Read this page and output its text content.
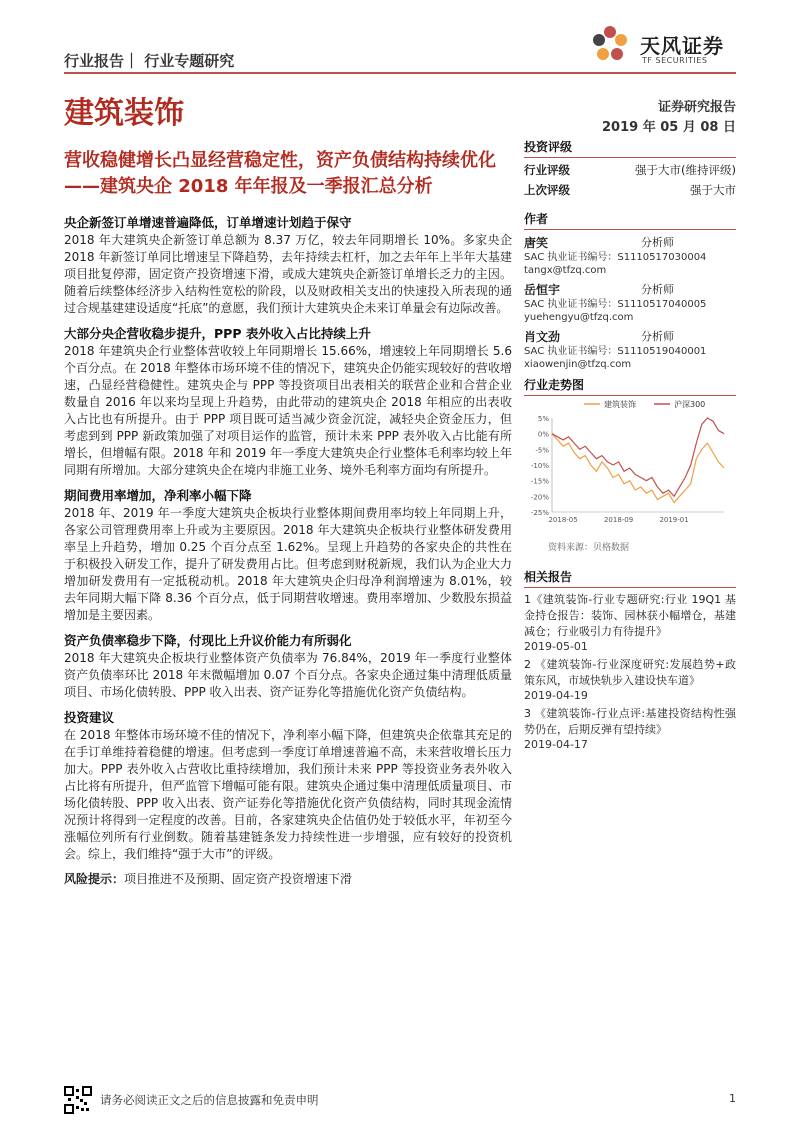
行业报告｜ 行业专题研究
天风证券
TF SECURITIES
建筑装饰	证券研究报告
2019 年 05 月 08 日
营收稳健增长凸显经营稳定性，资产负债结构持续优化——建筑央企 2018 年年报及一季报汇总分析
央企新签订单增速普遍降低，订单增速计划趋于保守

2018 年大建筑央企新签订单总额为 8.37 万亿，较去年同期增长 10%。多家央企 2018 年新签订单同比增速呈下降趋势，去年持续去杠杆，加之去年年上半年大基建项目批复停滞，固定资产投资增速下滑，或成大建筑央企新签订单增长乏力的主因。随着后续整体经济步入结构性宽松的阶段，以及财政相关支出的快速投入所表现的通过合规基建建设适度“托底”的意愿，我们预计大建筑央企未来订单量会有边际改善。

大部分央企营收稳步提升，PPP 表外收入占比持续上升

2018 年建筑央企行业整体营收较上年同期增长 15.66%，增速较上年同期增长 5.6 个百分点。在 2018 年整体市场环境不佳的情况下，建筑央企仍能实现较好的营收增速，凸显经营稳健性。建筑央企与 PPP 等投资项目出表相关的联营企业和合营企业数量自 2016 年以来均呈现上升趋势，由此带动的建筑央企 2018 年相应的出表收入占比也有所提升。由于 PPP 项目既可适当减少资金沉淀，减轻央企资金压力，但考虑到到 PPP 新政策加强了对项目运作的监管，预计未来 PPP 表外收入占比能有所增长，但增幅有限。2018 年和 2019 年一季度大建筑央企行业整体毛利率均较上年同期有所增加。大部分建筑央企在境内非施工业务、境外毛利率方面均有所提升。

期间费用率增加，净利率小幅下降

2018 年、2019 年一季度大建筑央企板块行业整体期间费用率均较上年同期上升，各家公司管理费用率上升或为主要原因。2018 年大建筑央企板块行业整体研发费用率呈上升趋势，增加 0.25 个百分点至 1.62%。呈现上升趋势的各家央企的共性在于积极投入研发工作，提升了研发费用占比。但考虑到财税新规，我们认为企业大力增加研发费用有一定抵税动机。2018 年大建筑央企归母净利润增速为 8.01%，较去年同期大幅下降 8.36 个百分点，低于同期营收增速。费用率增加、少数股东损益增加是主要因素。

资产负债率稳步下降，付现比上升议价能力有所弱化

2018 年大建筑央企板块行业整体资产负债率为 76.84%，2019 年一季度行业整体资产负债率环比 2018 年末微幅增加 0.07 个百分点。各家央企通过集中清理低质量项目、市场化债转股、PPP 收入出表、资产证券化等措施优化资产负债结构。

投资建议

在 2018 年整体市场环境不佳的情况下，净利率小幅下降，但建筑央企依靠其充足的在手订单维持着稳健的增速。但考虑到一季度订单增速普遍不高，未来营收增长压力加大。PPP 表外收入占营收比重持续增加，我们预计未来 PPP 等投资业务表外收入占比将有所提升，但严监管下增幅可能有限。建筑央企通过集中清理低质量项目、市场化债转股、PPP 收入出表、资产证券化等措施优化资产负债结构，同时其现金流情况预计将得到一定程度的改善。目前，各家建筑央企估值仍处于较低水平，年初至今涨幅位列所有行业倒数。随着基建链条发力持续性进一步增强，应有较好的投资机会。综上，我们维持“强于大市”的评级。

风险提示：项目推进不及预期、固定资产投资增速下滑

投资评级
行业评级	强于大市(维持评级)
上次评级	强于大市
作者
唐笑	分析师
SAC 执业证书编号：S1110517030004
tangx@tfzq.com
岳恒宇	分析师
SAC 执业证书编号：S1110517040005
yuehengyu@tfzq.com
肖文劲	分析师
SAC 执业证书编号：S1110519040001
xiaowenjin@tfzq.com
行业走势图
建筑装饰	沪深300
5%
0%
-5%
-10%
-15%
-20%
-25%
2018-05	2018-09	2019-01
资料来源：贝格数据
相关报告
1《建筑装饰-行业专题研究:行业 19Q1 基金持仓报告：装饰、园林获小幅增仓，基建减仓；行业吸引力有待提升》
2019-05-01
2 《建筑装饰-行业深度研究:发展趋势+政策东风，市域快轨步入建设快车道》
2019-04-19
3 《建筑装饰-行业点评:基建投资结构性强势仍在，后期反弹有望持续》
2019-04-17
请务必阅读正文之后的信息披露和免责申明	1
